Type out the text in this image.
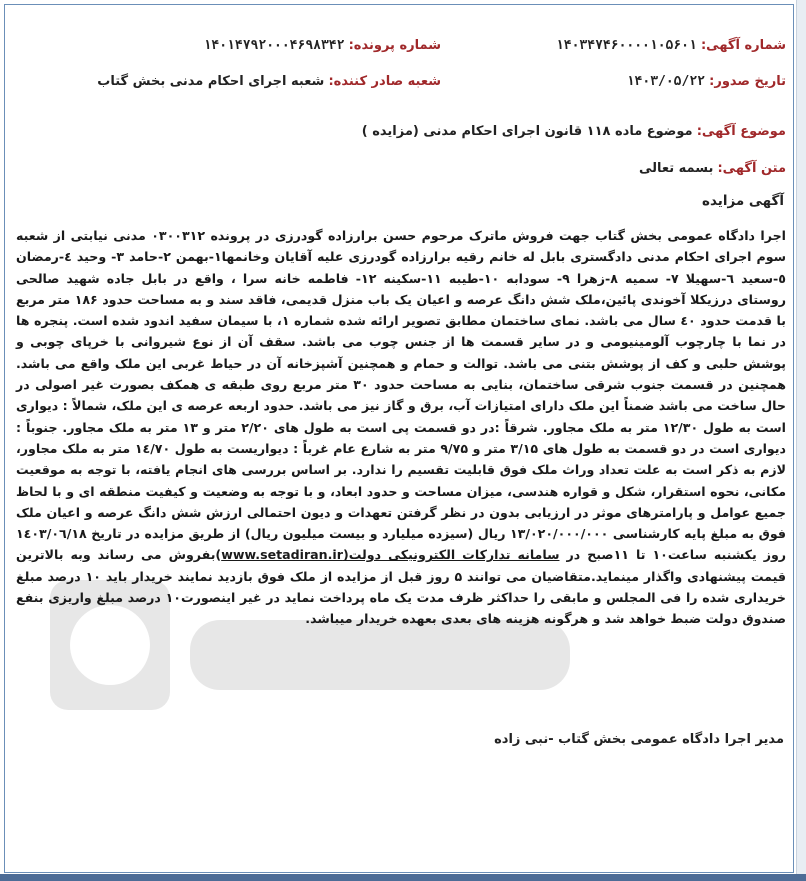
شماره آگهی: ۱۴۰۳۴۷۴۶۰۰۰۰۱۰۵۶۰۱
شماره پرونده: ۱۴۰۱۴۷۹۲۰۰۰۴۶۹۸۳۴۲
تاریخ صدور: ۱۴۰۳/۰۵/۲۲
شعبه صادر کننده: شعبه اجرای احکام مدنی بخش گتاب
موضوع آگهی: موضوع ماده ۱۱۸ قانون اجرای احکام مدنی (مزایده )
متن آگهی: بسمه تعالی
آگهی مزایده
اجرا دادگاه عمومی بخش گتاب جهت فروش ماترک مرحوم حسن برارزاده گودرزی در پرونده ۰۳۰۰۳۱۲ مدنی نیابتی از شعبه سوم اجرای احکام مدنی دادگستری بابل له خانم رقیه برارزاده گودرزی علیه آقایان وخانمها۱-بهمن ۲-حامد ۳- وحید ٤-رمضان ٥-سعید ٦-سهیلا ۷- سمیه ۸-زهرا ۹- سودابه ۱۰-طیبه ۱۱-سکینه ۱۲- فاطمه خانه سرا ، واقع در بابل جاده شهید صالحی روستای درزیکلا آخوندی پائین،ملک شش دانگ عرصه و اعیان یک باب منزل قدیمی، فاقد سند و به مساحت حدود ۱۸۶ متر مربع با قدمت حدود ٤۰ سال می باشد. نمای ساختمان مطابق تصویر ارائه شده شماره ۱، با سیمان سفید اندود شده است. پنجره ها در نما با چارچوب آلومینیومی و در سایر قسمت ها از جنس چوب می باشد. سقف آن از نوع شیروانی با خرپای چوبی و پوشش حلبی و کف از پوشش بتنی می باشد. توالت و حمام و همچنین آشپزخانه آن در حیاط غربی این ملک واقع می باشد. همچنین در قسمت جنوب شرقی ساختمان، بنایی به مساحت حدود ۳۰ متر مربع روی طبقه ی همکف بصورت غیر اصولی در حال ساخت می باشد ضمناً این ملک دارای امتیازات آب، برق و گاز نیز می باشد. حدود اربعه عرصه ی این ملک، شمالاً : دیواری است به طول ۱۲/۳۰ متر به ملک مجاور. شرقاً :در دو قسمت پی است به طول های ۲/۲۰ متر و ۱۳ متر به ملک مجاور. جنوباً : دیواری است در دو قسمت به طول های ۳/۱۵ متر و ۹/۷۵ متر به شارع عام غرباً : دیواریست به طول ۱٤/۷۰ متر به ملک مجاور، لازم به ذکر است به علت تعداد وراث ملک فوق قابلیت تقسیم را ندارد. بر اساس بررسی های انجام یافته، با توجه به موقعیت مکانی، نحوه استقرار، شکل و قواره هندسی، میزان مساحت و حدود ابعاد، و با توجه به وضعیت و کیفیت منطقه ای و با لحاظ جمیع عوامل و پارامترهای موثر در ارزیابی بدون در نظر گرفتن تعهدات و دیون احتمالی ارزش شش دانگ عرصه و اعیان ملک فوق به مبلغ پایه کارشناسی ۱۳/۰۲۰/۰۰۰/۰۰۰ ریال (سیزده میلیارد و بیست میلیون ریال) از طریق مزایده در تاریخ ۱٤۰۳/۰٦/۱۸ روز یکشنبه ساعت۱۰ تا ۱۱صبح در سامانه تدارکات الکترونیکی دولت(www.setadiran.ir)بفروش می رساند وبه بالاترین قیمت پیشنهادی واگذار مینماید.متقاضیان می توانند ۵ روز قبل از مزایده از ملک فوق بازدید نمایند خریدار باید ۱۰ درصد مبلغ خریداری شده را فی المجلس و مابقی را حداکثر ظرف مدت یک ماه پرداخت نماید در غیر اینصورت۱۰ درصد مبلغ واریزی بنفع صندوق دولت ضبط خواهد شد و هرگونه هزینه های بعدی بعهده خریدار میباشد.
مدیر اجرا دادگاه عمومی بخش گتاب -نبی زاده
